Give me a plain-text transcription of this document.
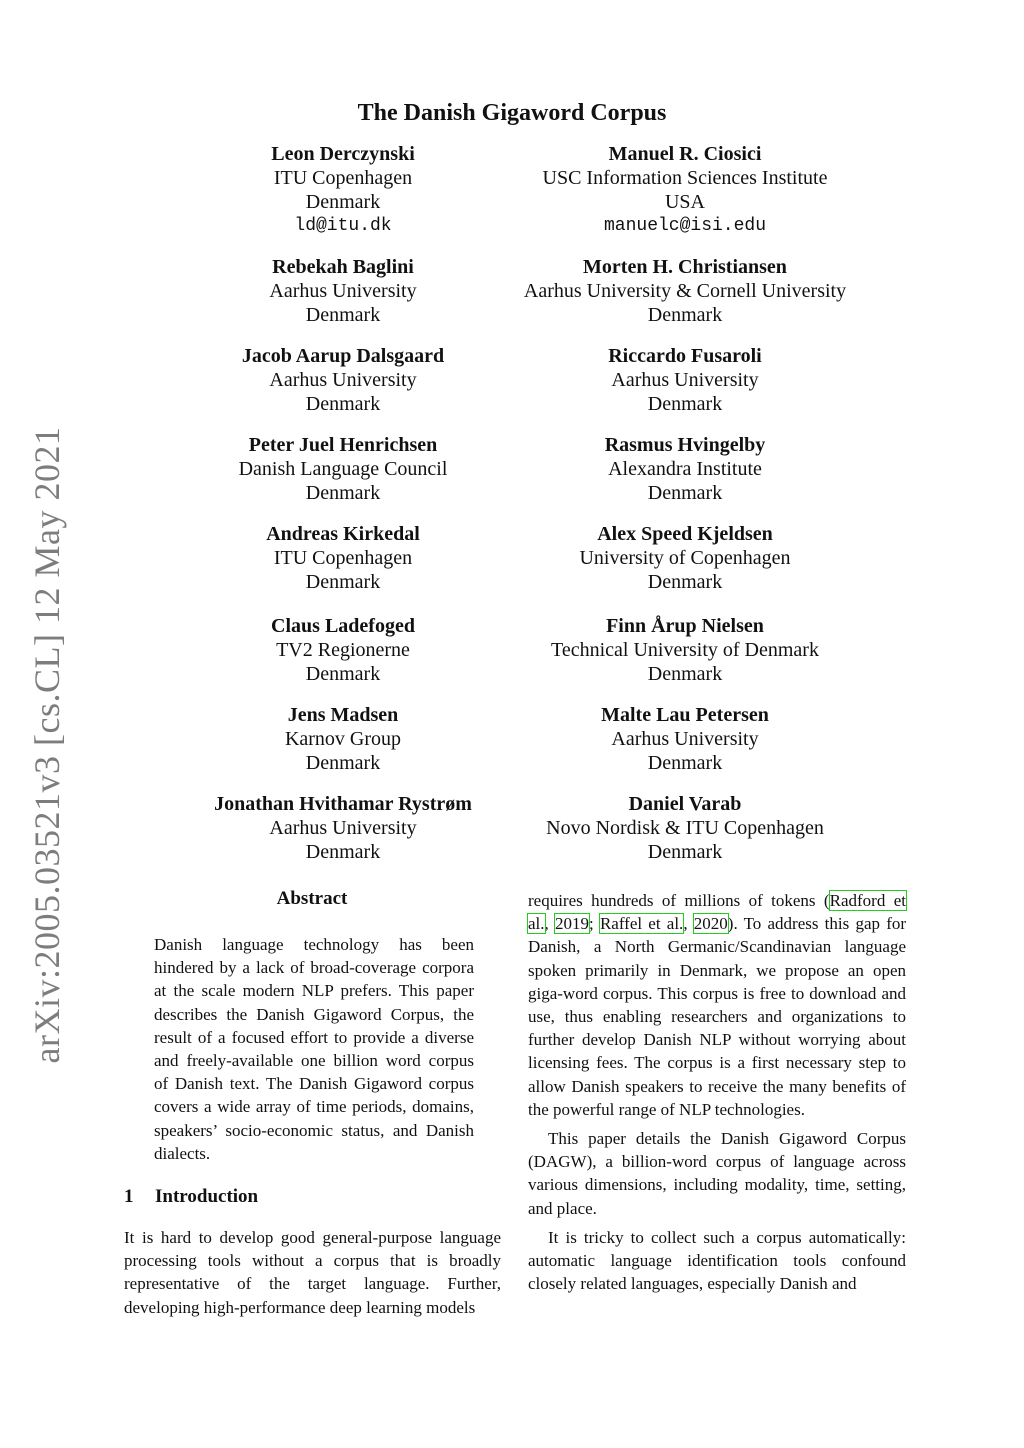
arXiv:2005.03521v3 [cs.CL] 12 May 2021
The Danish Gigaword Corpus
Leon Derczynski
ITU Copenhagen
Denmark
ld@itu.dk
Rebekah Baglini
Aarhus University
Denmark
Jacob Aarup Dalsgaard
Aarhus University
Denmark
Peter Juel Henrichsen
Danish Language Council
Denmark
Andreas Kirkedal
ITU Copenhagen
Denmark
Claus Ladefoged
TV2 Regionerne
Denmark
Jens Madsen
Karnov Group
Denmark
Jonathan Hvithamar Rystrøm
Aarhus University
Denmark
Manuel R. Ciosici
USC Information Sciences Institute
USA
manuelc@isi.edu
Morten H. Christiansen
Aarhus University & Cornell University
Denmark
Riccardo Fusaroli
Aarhus University
Denmark
Rasmus Hvingelby
Alexandra Institute
Denmark
Alex Speed Kjeldsen
University of Copenhagen
Denmark
Finn Årup Nielsen
Technical University of Denmark
Denmark
Malte Lau Petersen
Aarhus University
Denmark
Daniel Varab
Novo Nordisk & ITU Copenhagen
Denmark
Abstract
Danish language technology has been hindered by a lack of broad-coverage corpora at the scale modern NLP prefers. This paper describes the Danish Gigaword Corpus, the result of a focused effort to provide a diverse and freely-available one billion word corpus of Danish text. The Danish Gigaword corpus covers a wide array of time periods, domains, speakers’ socio-economic status, and Danish dialects.
1 Introduction
It is hard to develop good general-purpose language processing tools without a corpus that is broadly representative of the target language. Further, developing high-performance deep learning models

requires hundreds of millions of tokens (Radford et al., 2019; Raffel et al., 2020). To address this gap for Danish, a North Germanic/Scandinavian language spoken primarily in Denmark, we propose an open giga-word corpus. This corpus is free to download and use, thus enabling researchers and organizations to further develop Danish NLP without worrying about licensing fees. The corpus is a first necessary step to allow Danish speakers to receive the many benefits of the powerful range of NLP technologies.

This paper details the Danish Gigaword Corpus (DAGW), a billion-word corpus of language across various dimensions, including modality, time, setting, and place.

It is tricky to collect such a corpus automatically: automatic language identification tools confound closely related languages, especially Danish and
